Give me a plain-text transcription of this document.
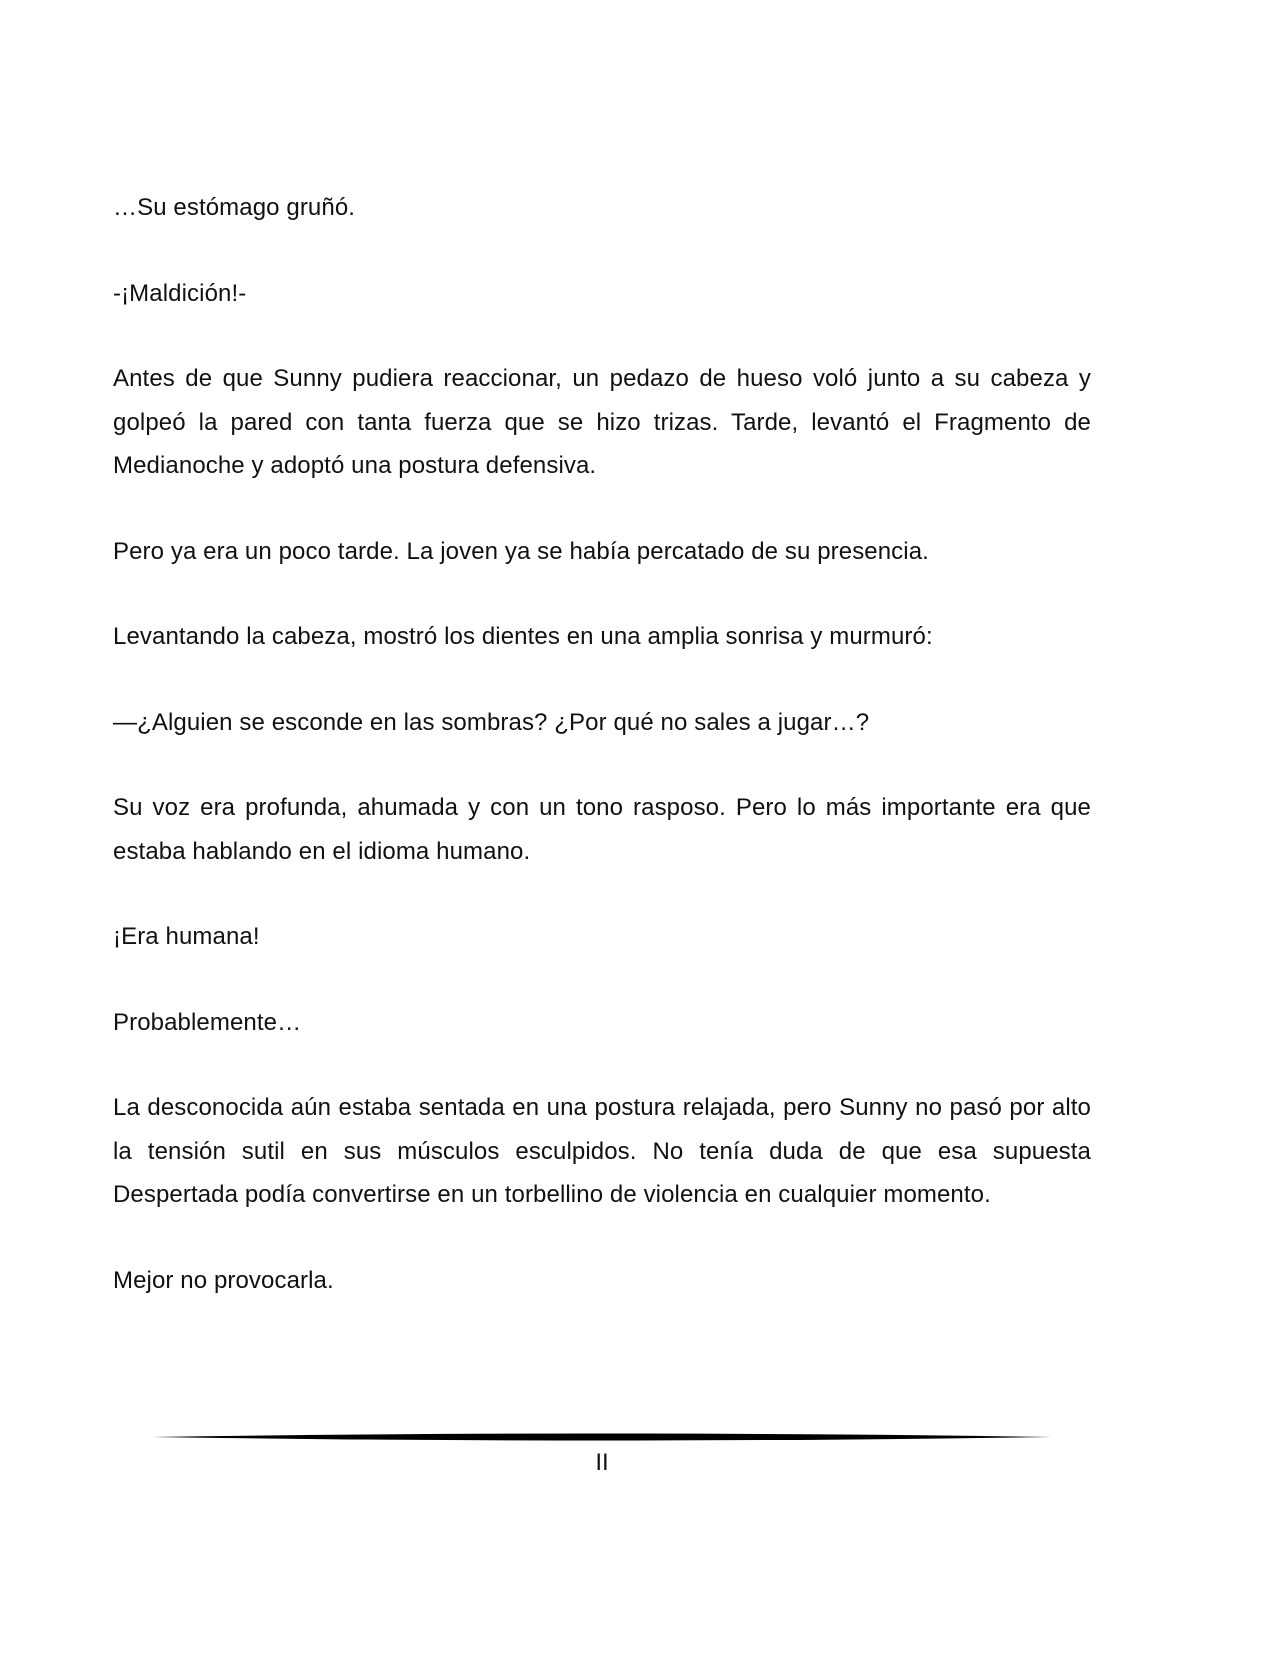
…Su estómago gruñó.

-¡Maldición!-

Antes de que Sunny pudiera reaccionar, un pedazo de hueso voló junto a su cabeza y golpeó la pared con tanta fuerza que se hizo trizas. Tarde, levantó el Fragmento de Medianoche y adoptó una postura defensiva.

Pero ya era un poco tarde. La joven ya se había percatado de su presencia.

Levantando la cabeza, mostró los dientes en una amplia sonrisa y murmuró:

—¿Alguien se esconde en las sombras? ¿Por qué no sales a jugar…?

Su voz era profunda, ahumada y con un tono rasposo. Pero lo más importante era que estaba hablando en el idioma humano.

¡Era humana!

Probablemente…

La desconocida aún estaba sentada en una postura relajada, pero Sunny no pasó por alto la tensión sutil en sus músculos esculpidos. No tenía duda de que esa supuesta Despertada podía convertirse en un torbellino de violencia en cualquier momento.

Mejor no provocarla.

II
